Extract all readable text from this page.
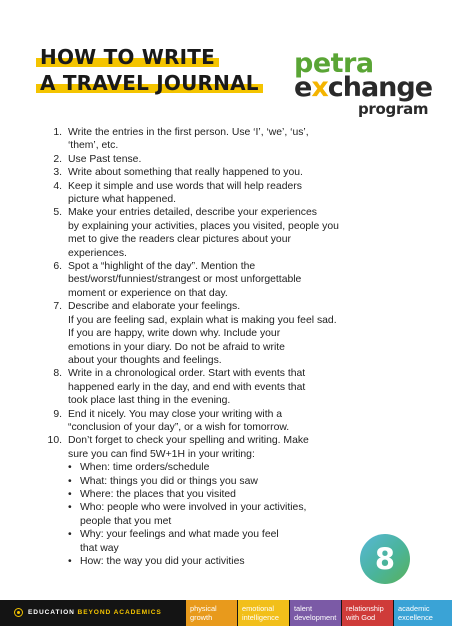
HOW TO WRITE
A TRAVEL JOURNAL
petra
exchange
program
1. Write the entries in the first person. Use ‘I’, ‘we’, ‘us’,
‘them’, etc.
2. Use Past tense.
3. Write about something that really happened to you.
4. Keep it simple and use words that will help readers
picture what happened.
5. Make your entries detailed, describe your experiences
by explaining your activities, places you visited, people you
met to give the readers clear pictures about your
experiences.
6. Spot a “highlight of the day”. Mention the
best/worst/funniest/strangest or most unforgettable
moment or experience on that day.
7. Describe and elaborate your feelings.
If you are feeling sad, explain what is making you feel sad.
If you are happy, write down why. Include your
emotions in your diary. Do not be afraid to write
about your thoughts and feelings.
8. Write in a chronological order. Start with events that
happened early in the day, and end with events that
took place last thing in the evening.
9. End it nicely. You may close your writing with a
“conclusion of your day”, or a wish for tomorrow.
10. Don’t forget to check your spelling and writing. Make
sure you can find 5W+1H in your writing:
• When: time orders/schedule
• What: things you did or things you saw
• Where: the places that you visited
• Who: people who were involved in your activities,
people that you met
• Why: your feelings and what made you feel
that way
• How: the way you did your activities	8
EDUCATION BEYOND ACADEMICS	physical
growth
emotional
intelligence
talent
development
relationship
with God
academic
excellence
